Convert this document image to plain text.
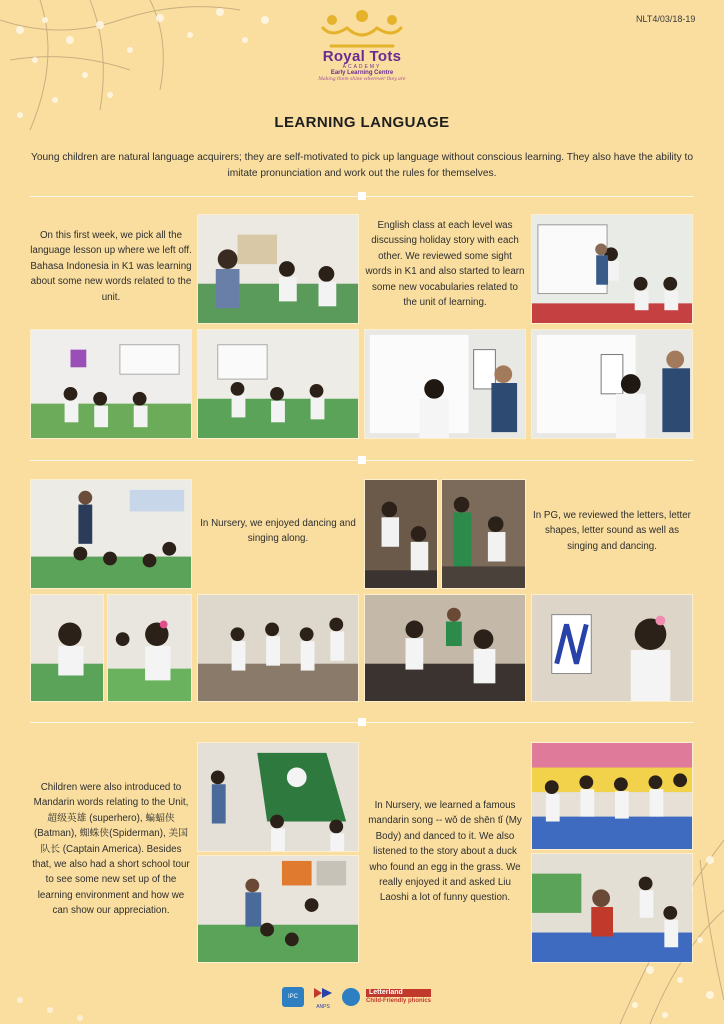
NLT4/03/18-19
Royal Tots
ACADEMY
Early Learning Centre
Making them shine wherever they are
LEARNING LANGUAGE
Young children are natural language acquirers; they are self-motivated to pick up language without conscious learning. They also have the ability to imitate pronunciation and work out the rules for themselves.
On this first week, we pick all the language lesson up where we left off. Bahasa Indonesia in K1 was learning about some new words related to the unit.
English class at each level was discussing holiday story with each other. We reviewed some sight words in K1 and also started to learn some new vocabularies related to the unit of learning.
In Nursery, we enjoyed dancing and singing along.
In PG, we reviewed the letters, letter shapes, letter sound as well as singing and dancing.
Children were also introduced to Mandarin words relating to the Unit, 超级英雄 (superhero), 蝙蝠侠(Batman), 蜘蛛侠(Spiderman), 美国队长 (Captain America). Besides that, we also had a short school tour to see some new set up of the learning environment and how we can show our appreciation.
In Nursery, we learned a famous mandarin song -- wǒ de shēn tǐ (My Body) and danced to it. We also listened to the story about a duck who found an egg in the grass. We really enjoyed it and asked Liu Laoshi a lot of funny question.
IPC
ANPS
Letterland
Child-Friendly phonics
